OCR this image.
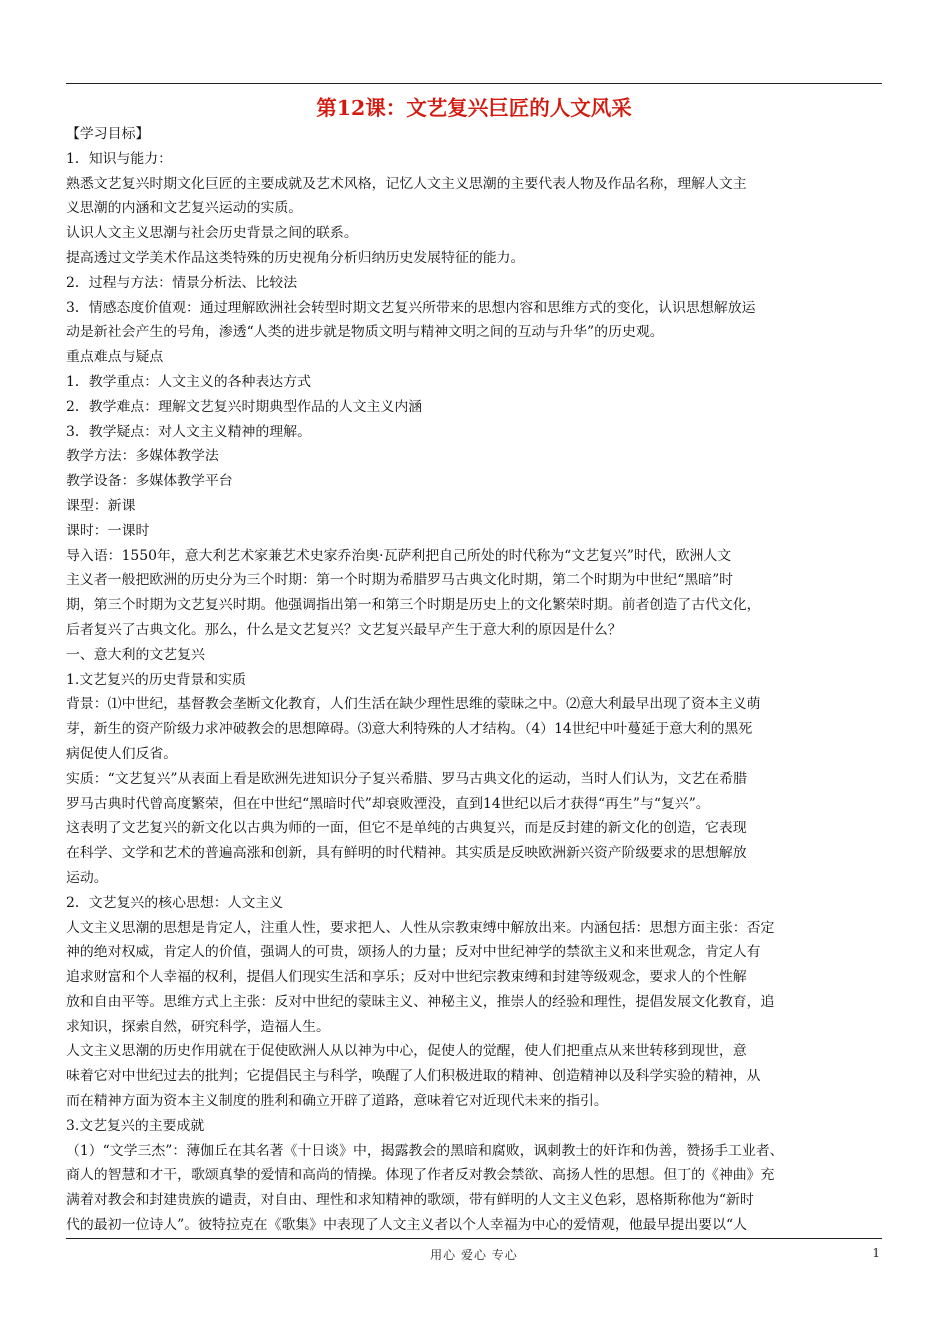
第12课：文艺复兴巨匠的人文风采

【学习目标】

1．知识与能力：

熟悉文艺复兴时期文化巨匠的主要成就及艺术风格，记忆人文主义思潮的主要代表人物及作品名称，理解人文主

义思潮的内涵和文艺复兴运动的实质。

认识人文主义思潮与社会历史背景之间的联系。

提高透过文学美术作品这类特殊的历史视角分析归纳历史发展特征的能力。

2．过程与方法：情景分析法、比较法

3．情感态度价值观：通过理解欧洲社会转型时期文艺复兴所带来的思想内容和思维方式的变化，认识思想解放运

动是新社会产生的号角，渗透“人类的进步就是物质文明与精神文明之间的互动与升华”的历史观。

重点难点与疑点

1．教学重点：人文主义的各种表达方式

2．教学难点：理解文艺复兴时期典型作品的人文主义内涵

3．教学疑点：对人文主义精神的理解。

教学方法：多媒体教学法

教学设备：多媒体教学平台

课型：新课

课时：一课时

导入语：1550年，意大利艺术家兼艺术史家乔治奥·瓦萨利把自己所处的时代称为“文艺复兴”时代，欧洲人文

主义者一般把欧洲的历史分为三个时期：第一个时期为希腊罗马古典文化时期，第二个时期为中世纪“黑暗”时

期，第三个时期为文艺复兴时期。他强调指出第一和第三个时期是历史上的文化繁荣时期。前者创造了古代文化，

后者复兴了古典文化。那么，什么是文艺复兴？文艺复兴最早产生于意大利的原因是什么？

一、意大利的文艺复兴

1.文艺复兴的历史背景和实质

背景：⑴中世纪，基督教会垄断文化教育，人们生活在缺少理性思维的蒙昧之中。⑵意大利最早出现了资本主义萌

芽，新生的资产阶级力求冲破教会的思想障碍。⑶意大利特殊的人才结构。（4）14世纪中叶蔓延于意大利的黑死

病促使人们反省。

实质：“文艺复兴”从表面上看是欧洲先进知识分子复兴希腊、罗马古典文化的运动，当时人们认为，文艺在希腊

罗马古典时代曾高度繁荣，但在中世纪“黑暗时代”却衰败湮没，直到14世纪以后才获得“再生”与“复兴”。

这表明了文艺复兴的新文化以古典为师的一面，但它不是单纯的古典复兴，而是反封建的新文化的创造，它表现

在科学、文学和艺术的普遍高涨和创新，具有鲜明的时代精神。其实质是反映欧洲新兴资产阶级要求的思想解放

运动。

2．文艺复兴的核心思想：人文主义

人文主义思潮的思想是肯定人，注重人性，要求把人、人性从宗教束缚中解放出来。内涵包括：思想方面主张：否定

神的绝对权威，肯定人的价值，强调人的可贵，颂扬人的力量；反对中世纪神学的禁欲主义和来世观念，肯定人有

追求财富和个人幸福的权利，提倡人们现实生活和享乐；反对中世纪宗教束缚和封建等级观念，要求人的个性解

放和自由平等。思维方式上主张：反对中世纪的蒙昧主义、神秘主义，推崇人的经验和理性，提倡发展文化教育，追

求知识，探索自然，研究科学，造福人生。

人文主义思潮的历史作用就在于促使欧洲人从以神为中心，促使人的觉醒，使人们把重点从来世转移到现世，意

味着它对中世纪过去的批判；它提倡民主与科学，唤醒了人们积极进取的精神、创造精神以及科学实验的精神，从

而在精神方面为资本主义制度的胜利和确立开辟了道路，意味着它对近现代未来的指引。

3.文艺复兴的主要成就

（1）“文学三杰”：薄伽丘在其名著《十日谈》中，揭露教会的黑暗和腐败，讽刺教士的奸诈和伪善，赞扬手工业者、

商人的智慧和才干，歌颂真挚的爱情和高尚的情操。体现了作者反对教会禁欲、高扬人性的思想。但丁的《神曲》充

满着对教会和封建贵族的谴责，对自由、理性和求知精神的歌颂，带有鲜明的人文主义色彩，恩格斯称他为“新时

代的最初一位诗人”。彼特拉克在《歌集》中表现了人文主义者以个人幸福为中心的爱情观，他最早提出要以“人

用心 爱心 专心	1
